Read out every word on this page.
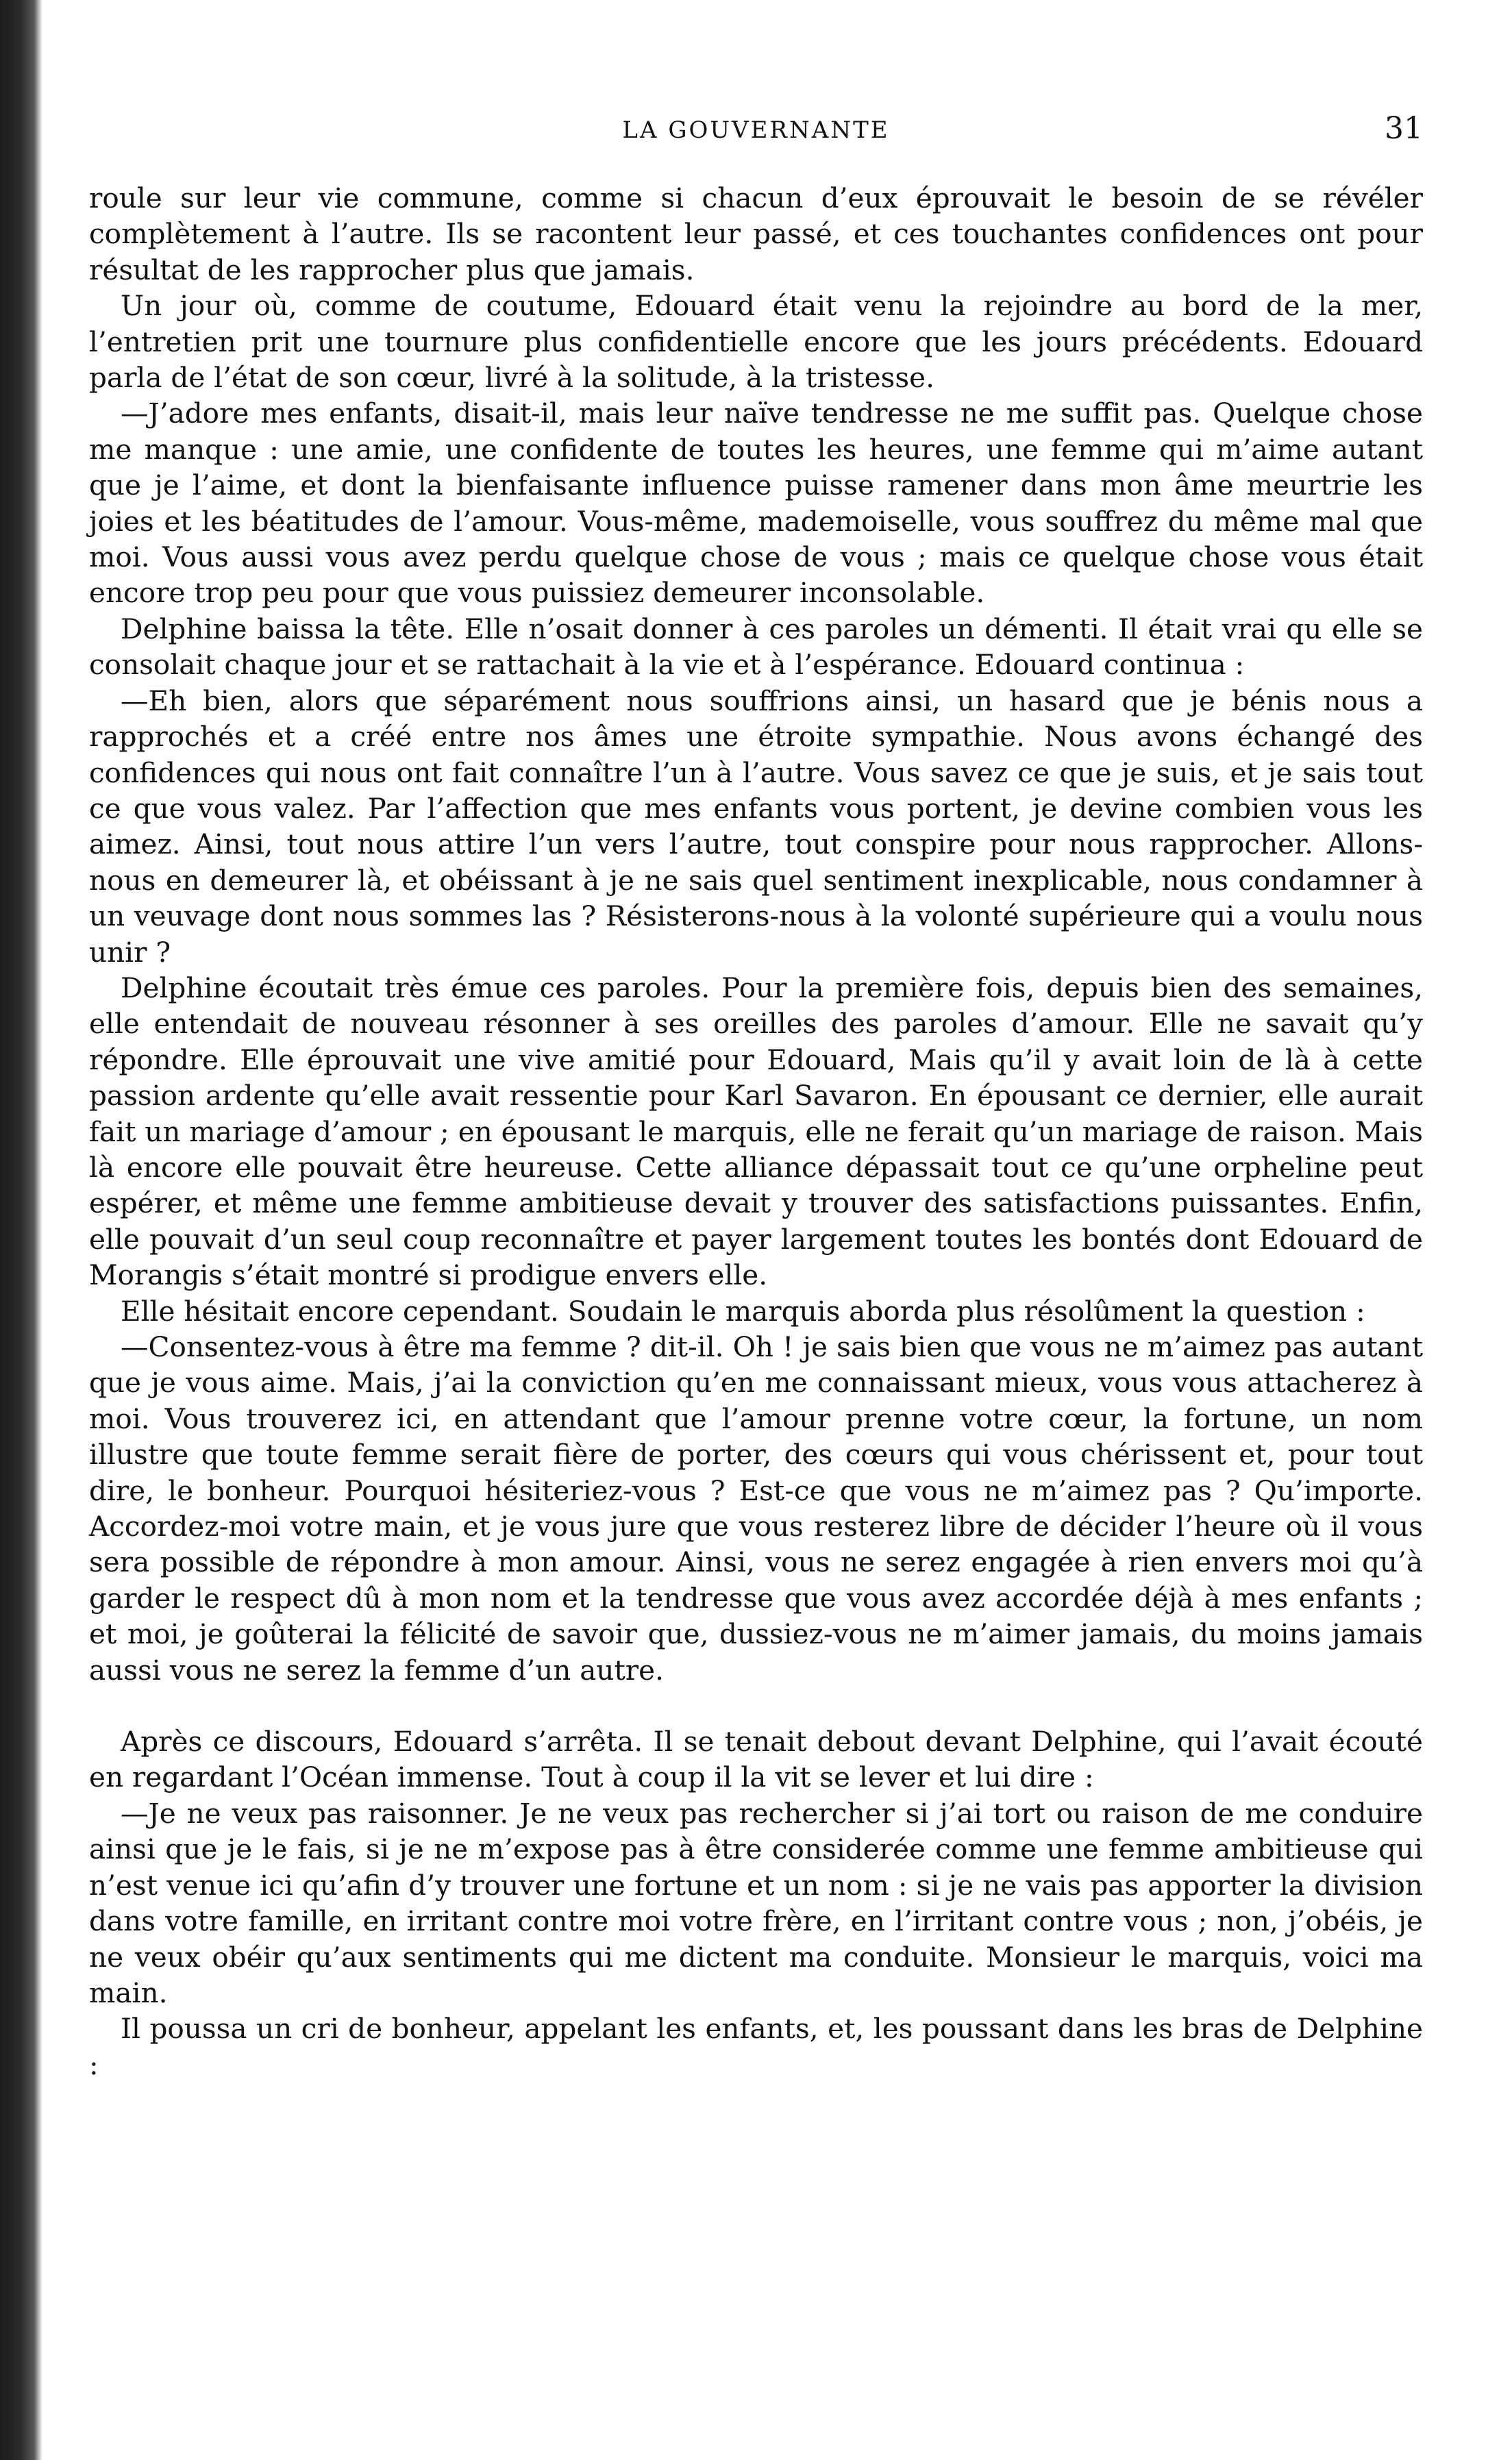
LA GOUVERNANTE	31

roule sur leur vie commune, comme si chacun d’eux éprouvait le besoin de se révéler complètement à l’autre. Ils se racontent leur passé, et ces touchantes confidences ont pour résultat de les rapprocher plus que jamais.

Un jour où, comme de coutume, Edouard était venu la rejoindre au bord de la mer, l’entretien prit une tournure plus confidentielle encore que les jours précédents. Edouard parla de l’état de son cœur, livré à la solitude, à la tristesse.

—J’adore mes enfants, disait-il, mais leur naïve tendresse ne me suffit pas. Quelque chose me manque : une amie, une confidente de toutes les heures, une femme qui m’aime autant que je l’aime, et dont la bienfaisante influence puisse ramener dans mon âme meurtrie les joies et les béatitudes de l’amour. Vous-même, mademoiselle, vous souffrez du même mal que moi. Vous aussi vous avez perdu quelque chose de vous ; mais ce quelque chose vous était encore trop peu pour que vous puissiez demeurer inconsolable.

Delphine baissa la tête. Elle n’osait donner à ces paroles un démenti. Il était vrai qu elle se consolait chaque jour et se rattachait à la vie et à l’espérance. Edouard continua :

—Eh bien, alors que séparément nous souffrions ainsi, un hasard que je bénis nous a rapprochés et a créé entre nos âmes une étroite sympathie. Nous avons échangé des confidences qui nous ont fait connaître l’un à l’autre. Vous savez ce que je suis, et je sais tout ce que vous valez. Par l’affection que mes enfants vous portent, je devine combien vous les aimez. Ainsi, tout nous attire l’un vers l’autre, tout conspire pour nous rapprocher. Allons-nous en demeurer là, et obéissant à je ne sais quel sentiment inexplicable, nous condamner à un veuvage dont nous sommes las ? Résisterons-nous à la volonté supérieure qui a voulu nous unir ?

Delphine écoutait très émue ces paroles. Pour la première fois, depuis bien des semaines, elle entendait de nouveau résonner à ses oreilles des paroles d’amour. Elle ne savait qu’y répondre. Elle éprouvait une vive amitié pour Edouard, Mais qu’il y avait loin de là à cette passion ardente qu’elle avait ressentie pour Karl Savaron. En épousant ce dernier, elle aurait fait un mariage d’amour ; en épousant le marquis, elle ne ferait qu’un mariage de raison. Mais là encore elle pouvait être heureuse. Cette alliance dépassait tout ce qu’une orpheline peut espérer, et même une femme ambitieuse devait y trouver des satisfactions puissantes. Enfin, elle pouvait d’un seul coup reconnaître et payer largement toutes les bontés dont Edouard de Morangis s’était montré si prodigue envers elle.

Elle hésitait encore cependant. Soudain le marquis aborda plus résolûment la question :

—Consentez-vous à être ma femme ? dit-il. Oh ! je sais bien que vous ne m’aimez pas autant que je vous aime. Mais, j’ai la conviction qu’en me connaissant mieux, vous vous attacherez à moi. Vous trouverez ici, en attendant que l’amour prenne votre cœur, la fortune, un nom illustre que toute femme serait fière de porter, des cœurs qui vous chérissent et, pour tout dire, le bonheur. Pourquoi hésiteriez-vous ? Est-ce que vous ne m’aimez pas ? Qu’importe. Accordez-moi votre main, et je vous jure que vous resterez libre de décider l’heure où il vous sera possible de répondre à mon amour. Ainsi, vous ne serez engagée à rien envers moi qu’à garder le respect dû à mon nom et la tendresse que vous avez accordée déjà à mes enfants ; et moi, je goûterai la félicité de savoir que, dussiez-vous ne m’aimer jamais, du moins jamais aussi vous ne serez la femme d’un autre.

Après ce discours, Edouard s’arrêta. Il se tenait debout devant Delphine, qui l’avait écouté en regardant l’Océan immense. Tout à coup il la vit se lever et lui dire :

—Je ne veux pas raisonner. Je ne veux pas rechercher si j’ai tort ou raison de me conduire ainsi que je le fais, si je ne m’expose pas à être considerée comme une femme ambitieuse qui n’est venue ici qu’afin d’y trouver une fortune et un nom : si je ne vais pas apporter la division dans votre famille, en irritant contre moi votre frère, en l’irritant contre vous ; non, j’obéis, je ne veux obéir qu’aux sentiments qui me dictent ma conduite. Monsieur le marquis, voici ma main.

Il poussa un cri de bonheur, appelant les enfants, et, les poussant dans les bras de Delphine :
